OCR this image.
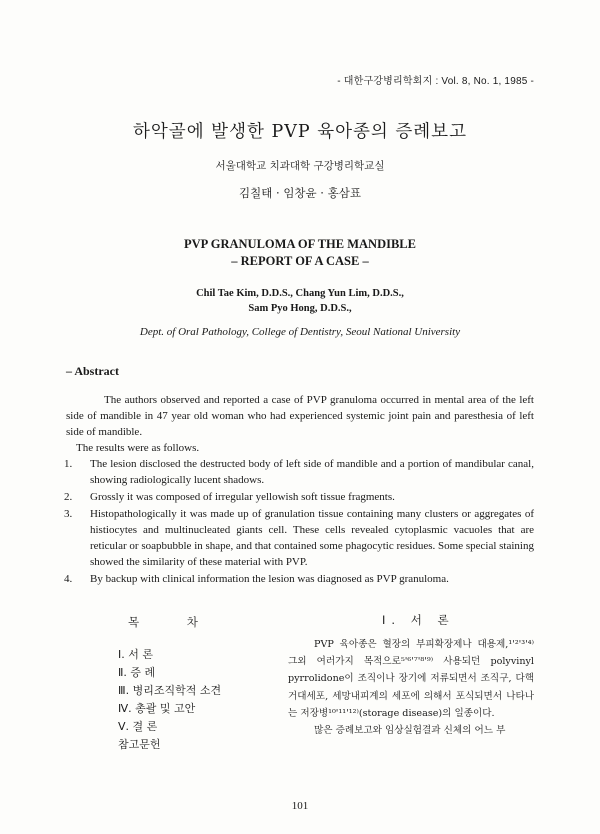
- 대한구강병리학회지 : Vol. 8, No. 1, 1985 -
하악골에 발생한 PVP 육아종의 증례보고
서울대학교 치과대학 구강병리학교실
김칠태 · 임창윤 · 홍삼표
PVP GRANULOMA OF THE MANDIBLE
– REPORT OF A CASE –
Chil Tae Kim, D.D.S., Chang Yun Lim, D.D.S.,
Sam Pyo Hong, D.D.S.,
Dept. of Oral Pathology, College of Dentistry, Seoul National University
– Abstract

The authors observed and reported a case of PVP granuloma occurred in mental area of the left side of mandible in 47 year old woman who had experienced systemic joint pain and paresthesia of left side of mandible.

The results were as follows.

1. The lesion disclosed the destructed body of left side of mandible and a portion of mandibular canal, showing radiologically lucent shadows.
2. Grossly it was composed of irregular yellowish soft tissue fragments.
3. Histopathologically it was made up of granulation tissue containing many clusters or aggregates of histiocytes and multinucleated giants cell. These cells revealed cytoplasmic vacuoles that are reticular or soapbubble in shape, and that contained some phagocytic residues. Some special staining showed the similarity of these material with PVP.
4. By backup with clinical information the lesion was diagnosed as PVP granuloma.
목 차
Ⅰ. 서 론
Ⅱ. 증 례
Ⅲ. 병리조직학적 소견
Ⅳ. 총괄 및 고안
Ⅴ. 결 론
참고문헌
Ⅰ. 서 론

PVP 육아종은 혈장의 부피확장제나 대용제,¹'²'³'⁴⁾ 그외 여러가지 목적으로⁵'⁶'⁷'⁸'⁹⁾ 사용되던 polyvinyl pyrrolidone이 조직이나 장기에 저류되면서 조직구, 다핵거대세포, 세망내피계의 세포에 의해서 포식되면서 나타나는 저장병¹⁰'¹¹'¹²⁾(storage disease)의 일종이다.

많은 증례보고와 임상실험결과 신체의 어느 부

101
